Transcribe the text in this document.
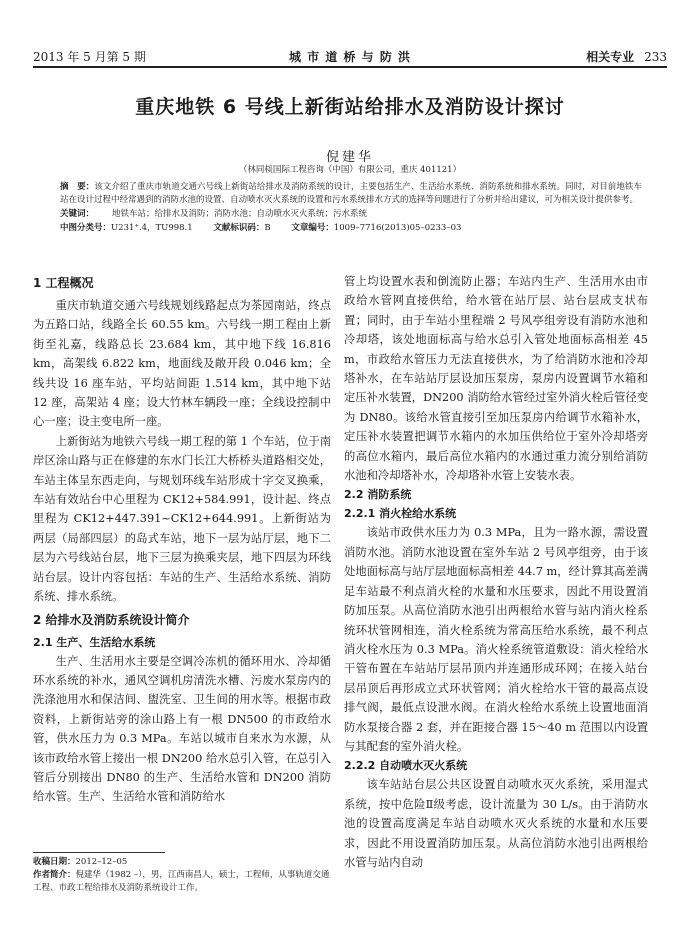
2013 年 5 月第 5 期	城 市 道 桥 与 防 洪	相关专业 233
重庆地铁 6 号线上新街站给排水及消防设计探讨
倪建华
（林同棪国际工程咨询（中国）有限公司，重庆 401121）
摘　要：该文介绍了重庆市轨道交通六号线上新街站给排水及消防系统的设计，主要包括生产、生活给水系统、消防系统和排水系统。同时，对目前地铁车站在设计过程中经常遇到的消防水池的设置、自动喷水灭火系统的设置和污水系统排水方式的选择等问题进行了分析并给出建议，可为相关设计提供参考。
关键词： 地铁车站；给排水及消防；消防水池；自动喷水灭火系统；污水系统
中图分类号：U231⁺.4，TU998.1 文献标识码：B 文章编号：1009–7716(2013)05–0233–03
1 工程概况

重庆市轨道交通六号线规划线路起点为茶园南站，终点为五路口站，线路全长 60.55 km。六号线一期工程由上新街至礼嘉，线路总长 23.684 km，其中地下线 16.816 km，高架线 6.822 km，地面线及敞开段 0.046 km；全线共设 16 座车站，平均站间距 1.514 km，其中地下站 12 座，高架站 4 座；设大竹林车辆段一座；全线设控制中心一座；设主变电所一座。

上新街站为地铁六号线一期工程的第 1 个车站，位于南岸区涂山路与正在修建的东水门长江大桥桥头道路相交处，车站主体呈东西走向，与规划环线车站形成十字交叉换乘，车站有效站台中心里程为 CK12+584.991，设计起、终点里程为 CK12+447.391~CK12+644.991。上新街站为两层（局部四层）的岛式车站，地下一层为站厅层，地下二层为六号线站台层，地下三层为换乘夹层，地下四层为环线站台层。设计内容包括：车站的生产、生活给水系统、消防系统、排水系统。

2 给排水及消防系统设计简介
2.1 生产、生活给水系统

生产、生活用水主要是空调冷冻机的循环用水、冷却循环水系统的补水，通风空调机房清洗水槽、污废水泵房内的洗涤池用水和保洁间、盥洗室、卫生间的用水等。根据市政资料，上新街站旁的涂山路上有一根 DN500 的市政给水管，供水压力为 0.3 MPa。车站以城市自来水为水源，从该市政给水管上接出一根 DN200 给水总引入管，在总引入管后分别接出 DN80 的生产、生活给水管和 DN200 消防给水管。生产、生活给水管和消防给水

管上均设置水表和倒流防止器；车站内生产、生活用水由市政给水管网直接供给，给水管在站厅层、站台层成支状布置；同时，由于车站小里程端 2 号风亭组旁设有消防水池和冷却塔，该处地面标高与给水总引入管处地面标高相差 45 m，市政给水管压力无法直接供水，为了给消防水池和冷却塔补水，在车站站厅层设加压泵房，泵房内设置调节水箱和定压补水装置，DN200 消防给水管经过室外消火栓后管径变为 DN80。该给水管直接引至加压泵房内给调节水箱补水，定压补水装置把调节水箱内的水加压供给位于室外冷却塔旁的高位水箱内，最后高位水箱内的水通过重力流分别给消防水池和冷却塔补水，冷却塔补水管上安装水表。

2.2 消防系统
2.2.1 消火栓给水系统

该站市政供水压力为 0.3 MPa，且为一路水源，需设置消防水池。消防水池设置在室外车站 2 号风亭组旁，由于该处地面标高与站厅层地面标高相差 44.7 m，经计算其高差满足车站最不利点消火栓的水量和水压要求，因此不用设置消防加压泵。从高位消防水池引出两根给水管与站内消火栓系统环状管网相连，消火栓系统为常高压给水系统，最不利点消火栓水压为 0.3 MPa。消火栓系统管道敷设：消火栓给水干管布置在车站站厅层吊顶内并连通形成环网；在接入站台层吊顶后再形成立式环状管网；消火栓给水干管的最高点设排气阀，最低点设泄水阀。在消火栓给水系统上设置地面消防水泵接合器 2 套，并在距接合器 15～40 m 范围以内设置与其配套的室外消火栓。

2.2.2 自动喷水灭火系统

该车站站台层公共区设置自动喷水灭火系统，采用湿式系统，按中危险Ⅱ级考虑，设计流量为 30 L/s。由于消防水池的设置高度满足车站自动喷水灭火系统的水量和水压要求，因此不用设置消防加压泵。从高位消防水池引出两根给水管与站内自动

收稿日期：2012–12–05
作者简介：倪建华（1982 –），男，江西南昌人，硕士，工程师，从事轨道交通工程、市政工程给排水及消防系统设计工作。
